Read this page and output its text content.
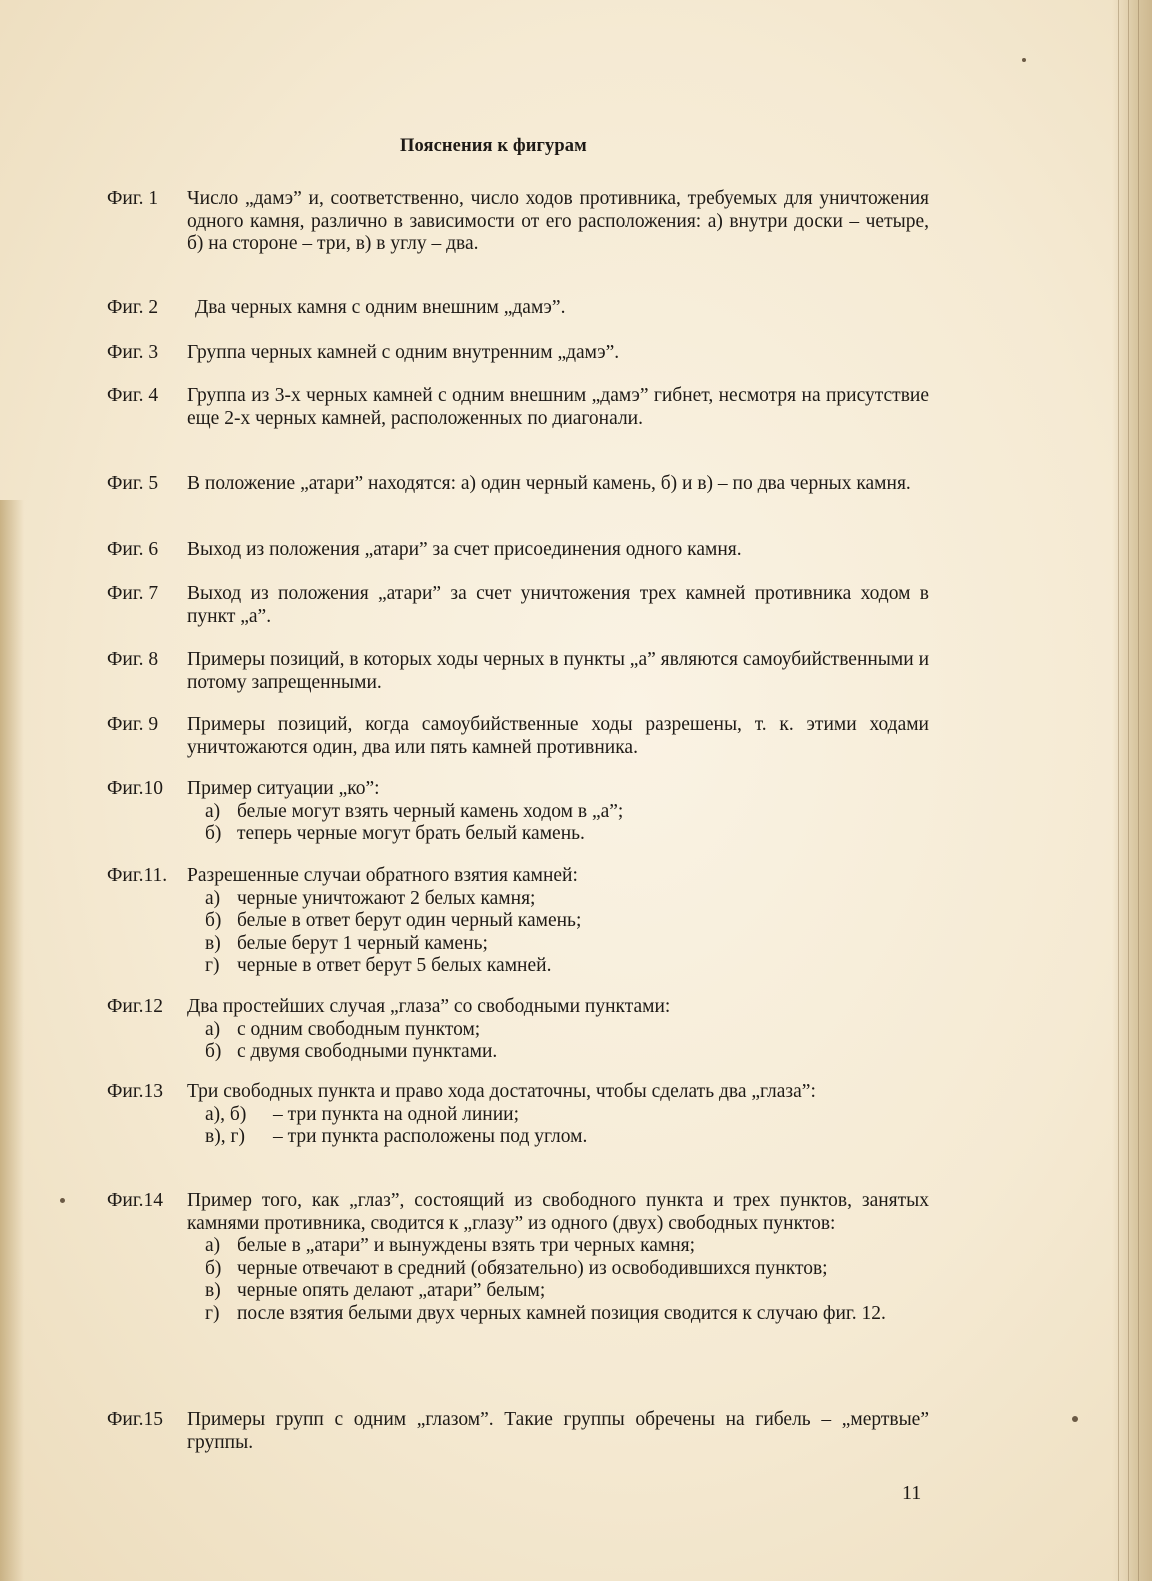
Пояснения к фигурам
Фиг. 1	Число „дамэ” и, соответственно, число ходов противника, требуемых для уничтожения одного камня, различно в зависимости от его расположения: а) внутри доски – четыре, б) на стороне – три, в) в углу – два.
Фиг. 2	Два черных камня с одним внешним „дамэ”.
Фиг. 3	Группа черных камней с одним внутренним „дамэ”.
Фиг. 4	Группа из 3-х черных камней с одним внешним „дамэ” гибнет, несмотря на присутствие еще 2-х черных камней, расположенных по диагонали.
Фиг. 5	В положение „атари” находятся: а) один черный камень, б) и в) – по два черных камня.
Фиг. 6	Выход из положения „атари” за счет присоединения одного камня.
Фиг. 7	Выход из положения „атари” за счет уничтожения трех камней противника ходом в пункт „а”.
Фиг. 8	Примеры позиций, в которых ходы черных в пункты „а” являются самоубийственными и потому запрещенными.
Фиг. 9	Примеры позиций, когда самоубийственные ходы разрешены, т. к. этими ходами уничтожаются один, два или пять камней противника.
Фиг.10	Пример ситуации „ко”:
а) белые могут взять черный камень ходом в „а”;
б) теперь черные могут брать белый камень.
Фиг.11.	Разрешенные случаи обратного взятия камней:
а) черные уничтожают 2 белых камня;
б) белые в ответ берут один черный камень;
в) белые берут 1 черный камень;
г) черные в ответ берут 5 белых камней.
Фиг.12	Два простейших случая „глаза” со свободными пунктами:
а) с одним свободным пунктом;
б) с двумя свободными пунктами.
Фиг.13	Три свободных пункта и право хода достаточны, чтобы сделать два „глаза”:
а), б) – три пункта на одной линии;
в), г) – три пункта расположены под углом.
Фиг.14	Пример того, как „глаз”, состоящий из свободного пункта и трех пунктов, занятых камнями противника, сводится к „глазу” из одного (двух) свободных пунктов:
а) белые в „атари” и вынуждены взять три черных камня;
б) черные отвечают в средний (обязательно) из освободившихся пунктов;
в) черные опять делают „атари” белым;
г) после взятия белыми двух черных камней позиция сводится к случаю фиг. 12.
Фиг.15	Примеры групп с одним „глазом”. Такие группы обречены на гибель – „мертвые” группы.
11
